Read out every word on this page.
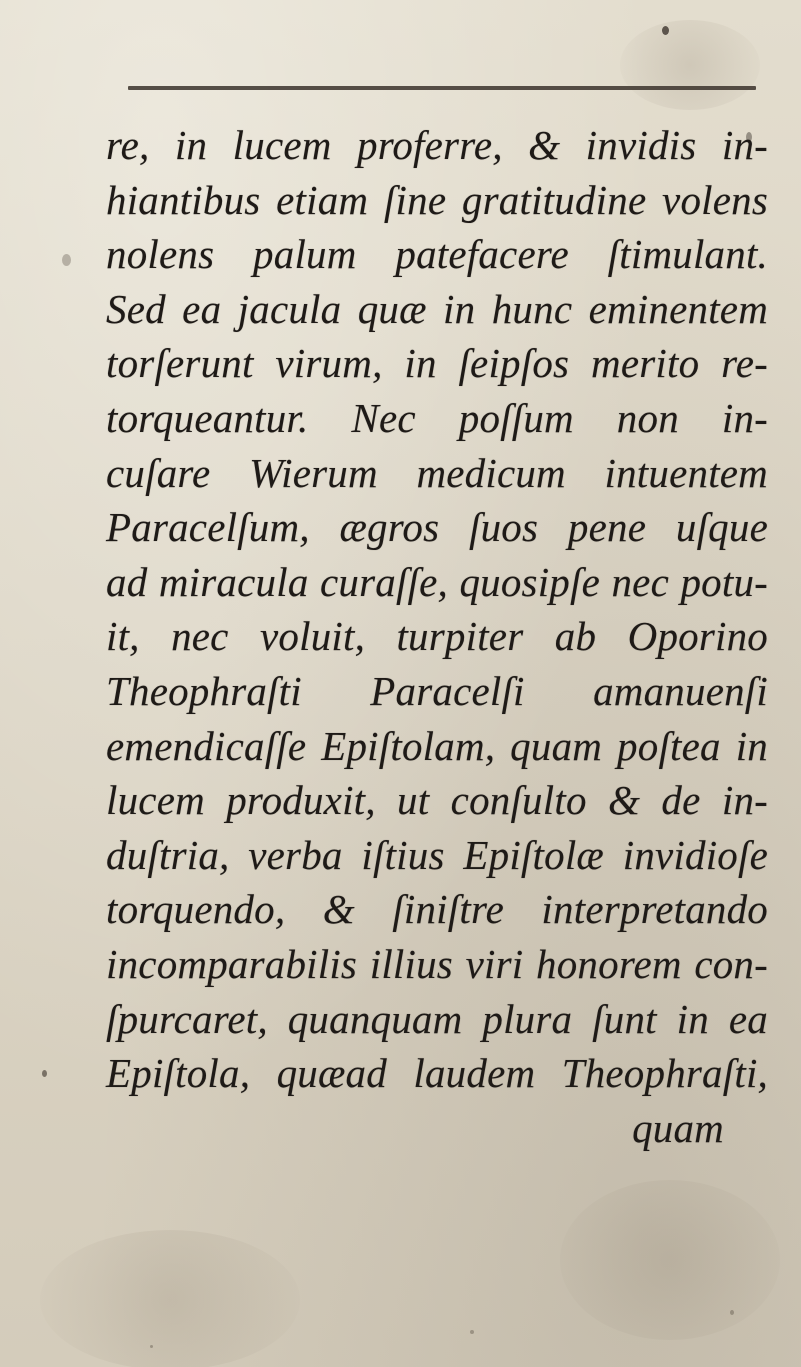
re, in lucem proferre, & invidis in-
hiantibus etiam ſine gratitudine volens
nolens palum patefacere ſtimulant.
Sed ea jacula quæ in hunc eminentem
torſerunt virum, in ſeipſos merito re-
torqueantur. Nec poſſum non in-
cuſare Wierum medicum intuentem
Paracelſum, ægros ſuos pene uſque
ad miracula curaſſe, quosipſe nec potu-
it, nec voluit, turpiter ab Oporino
Theophraſti Paracelſi amanuenſi
emendicaſſe Epiſtolam, quam poſtea in
lucem produxit, ut conſulto & de in-
duſtria, verba iſtius Epiſtolæ invidioſe
torquendo, & ſiniſtre interpretando
incomparabilis illius viri honorem con-
ſpurcaret, quanquam plura ſunt in ea
Epiſtola, quæad laudem Theophraſti,
quam
